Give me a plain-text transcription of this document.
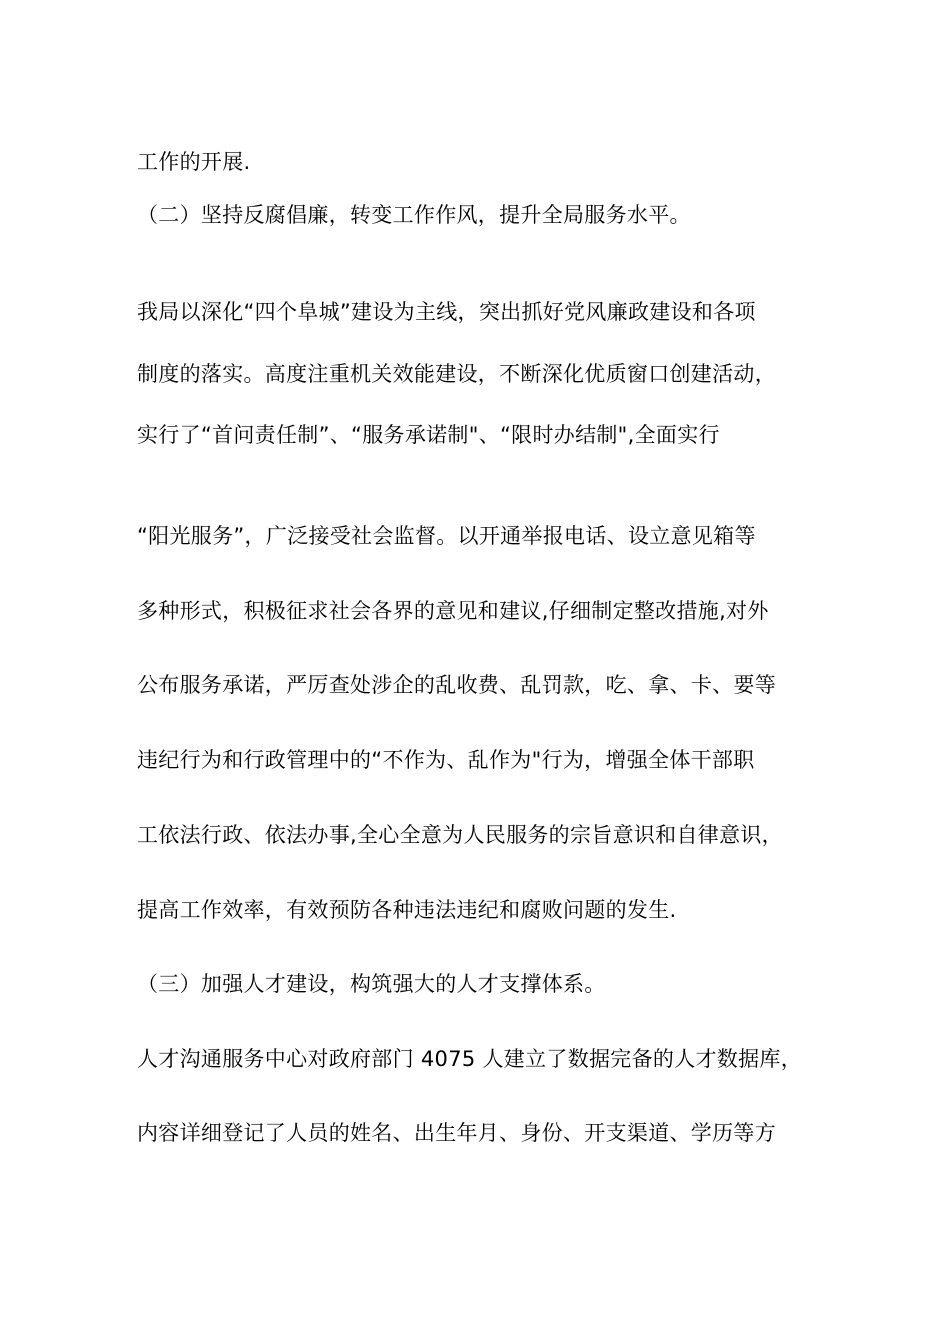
工作的开展.
（二）坚持反腐倡廉，转变工作作风，提升全局服务水平。
我局以深化“四个阜城”建设为主线，突出抓好党风廉政建设和各项
制度的落实。高度注重机关效能建设，不断深化优质窗口创建活动，
实行了“首问责任制”、“服务承诺制"、“限时办结制",全面实行
“阳光服务”，广泛接受社会监督。以开通举报电话、设立意见箱等
多种形式，积极征求社会各界的意见和建议,仔细制定整改措施,对外
公布服务承诺，严厉查处涉企的乱收费、乱罚款，吃、拿、卡、要等
违纪行为和行政管理中的“不作为、乱作为"行为，增强全体干部职
工依法行政、依法办事,全心全意为人民服务的宗旨意识和自律意识，
提高工作效率，有效预防各种违法违纪和腐败问题的发生.
（三）加强人才建设，构筑强大的人才支撑体系。
人才沟通服务中心对政府部门 4075 人建立了数据完备的人才数据库，
内容详细登记了人员的姓名、出生年月、身份、开支渠道、学历等方
